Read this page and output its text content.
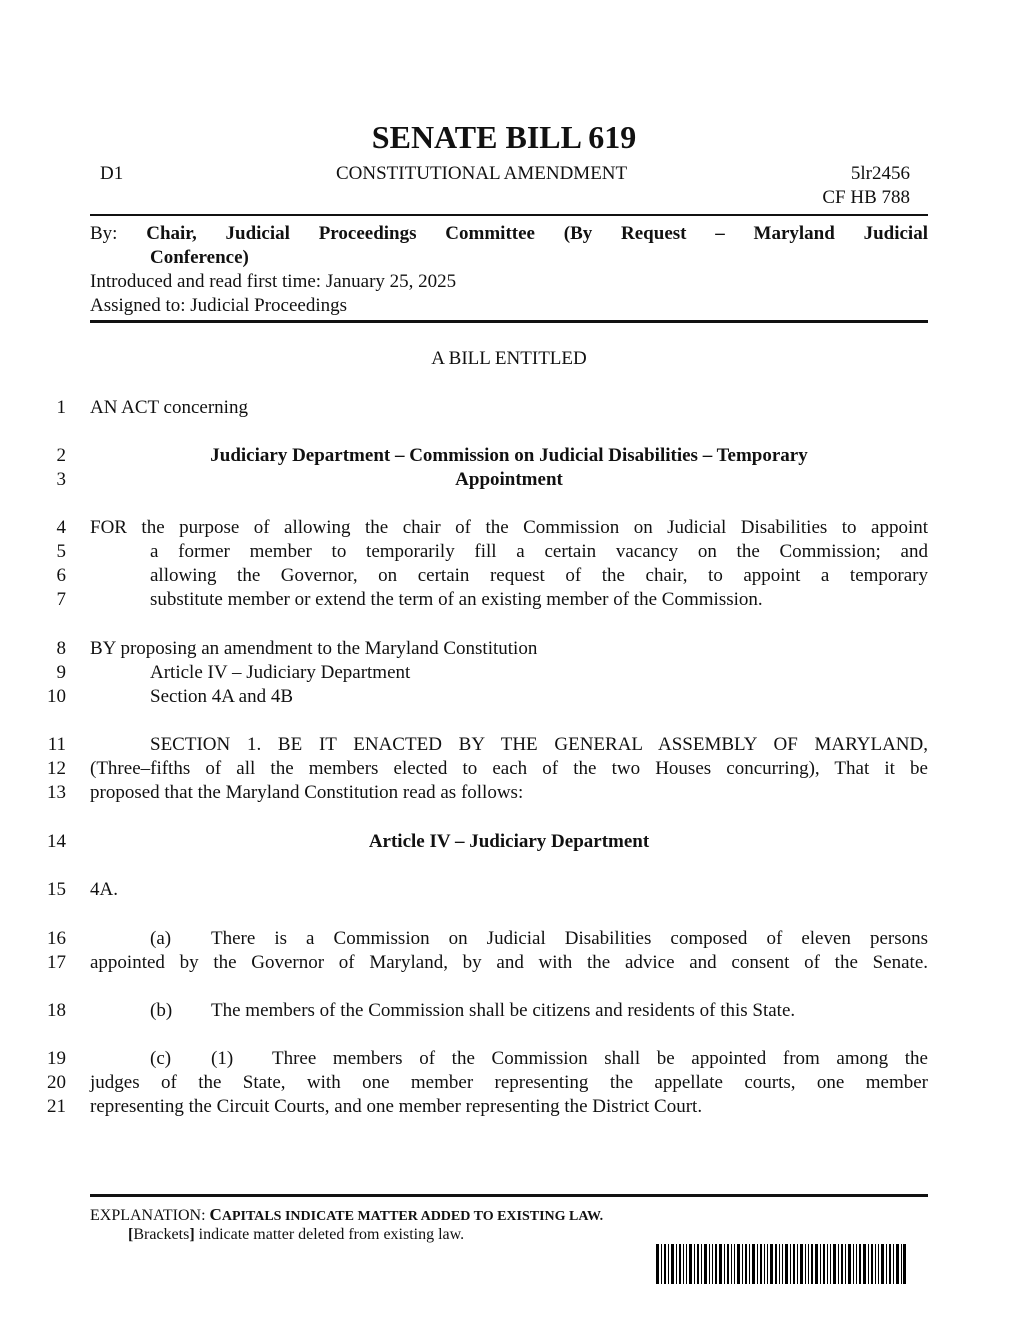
SENATE BILL 619
D1	CONSTITUTIONAL AMENDMENT	5lr2456
CF HB 788
By: Chair, Judicial Proceedings Committee (By Request – Maryland Judicial
Conference)
Introduced and read first time: January 25, 2025
Assigned to: Judicial Proceedings
A BILL ENTITLED
1
2
3
4
5
6
7
8
9
10
11
12
13
14
15
16
17
18
19
20
21
AN ACT concerning
Judiciary Department – Commission on Judicial Disabilities – Temporary
Appointment
FOR the purpose of allowing the chair of the Commission on Judicial Disabilities to appoint
a former member to temporarily fill a certain vacancy on the Commission; and
allowing the Governor, on certain request of the chair, to appoint a temporary
substitute member or extend the term of an existing member of the Commission.
BY proposing an amendment to the Maryland Constitution
Article IV – Judiciary Department
Section 4A and 4B
SECTION 1. BE IT ENACTED BY THE GENERAL ASSEMBLY OF MARYLAND,
(Three–fifths of all the members elected to each of the two Houses concurring), That it be
proposed that the Maryland Constitution read as follows:
Article IV – Judiciary Department
4A.
(a) There is a Commission on Judicial Disabilities composed of eleven persons
appointed by the Governor of Maryland, by and with the advice and consent of the Senate.
(b) The members of the Commission shall be citizens and residents of this State.
(c) (1) Three members of the Commission shall be appointed from among the
judges of the State, with one member representing the appellate courts, one member
representing the Circuit Courts, and one member representing the District Court.
EXPLANATION: CAPITALS INDICATE MATTER ADDED TO EXISTING LAW.
[Brackets] indicate matter deleted from existing law.
